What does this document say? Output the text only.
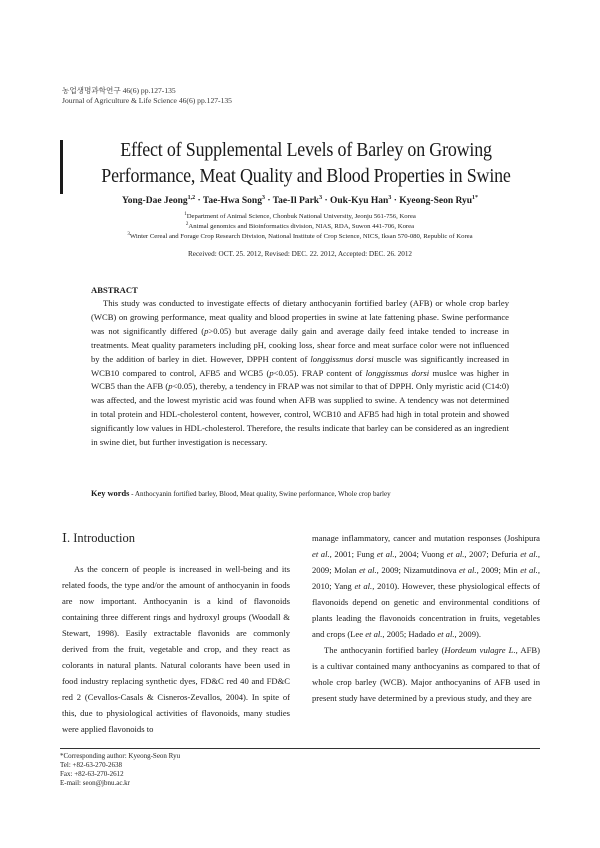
농업생명과학연구 46(6) pp.127-135
Journal of Agriculture & Life Science 46(6) pp.127-135
Effect of Supplemental Levels of Barley on Growing
Performance, Meat Quality and Blood Properties in Swine
Yong-Dae Jeong$^{1,2}$ · Tae-Hwa Song$^3$ · Tae-Il Park$^3$ · Ouk-Kyu Han$^3$ · Kyeong-Seon Ryu$^{1*}$
$^1$Department of Animal Science, Chonbuk National University, Jeonju 561-756, Korea
$^2$Animal genomics and Bioinformatics division, NIAS, RDA, Suwon 441-706, Korea
$^3$Winter Cereal and Forage Crop Research Division, National Institute of Crop Science, NICS, Iksan 570-080, Republic of Korea
Received: OCT. 25. 2012, Revised: DEC. 22. 2012, Accepted: DEC. 26. 2012
ABSTRACT
This study was conducted to investigate effects of dietary anthocyanin fortified barley (AFB) or whole crop barley (WCB) on growing performance, meat quality and blood properties in swine at late fattening phase. Swine performance was not significantly differed (p>0.05) but average daily gain and average daily feed intake tended to increase in treatments. Meat quality parameters including pH, cooking loss, shear force and meat surface color were not influenced by the addition of barley in diet. However, DPPH content of longgissmus dorsi muscle was significantly increased in WCB10 compared to control, AFB5 and WCB5 (p<0.05). FRAP content of longgissmus dorsi muslce was higher in WCB5 than the AFB (p<0.05), thereby, a tendency in FRAP was not similar to that of DPPH. Only myristic acid (C14:0) was affected, and the lowest myristic acid was found when AFB was supplied to swine. A tendency was not determined in total protein and HDL-cholesterol content, however, control, WCB10 and AFB5 had high in total protein and showed significantly low values in HDL-cholesterol. Therefore, the results indicate that barley can be considered as an ingredient in swine diet, but further investigation is necessary.
Key words - Anthocyanin fortified barley, Blood, Meat quality, Swine performance, Whole crop barley
Ⅰ. Introduction
As the concern of people is increased in well-being and its related foods, the type and/or the amount of anthocyanin in foods are now important. Anthocyanin is a kind of flavonoids containing three different rings and hydroxyl groups (Woodall & Stewart, 1998). Easily extractable flavonids are commonly derived from the fruit, vegetable and crop, and they react as colorants in natural plants. Natural colorants have been used in food industry replacing synthetic dyes, FD&C red 40 and FD&C red 2 (Cevallos-Casals & Cisneros-Zevallos, 2004). In spite of this, due to physiological activities of flavonoids, many studies were applied flavonoids to

manage inflammatory, cancer and mutation responses (Joshipura et al., 2001; Fung et al., 2004; Vuong et al., 2007; Defuria et al., 2009; Molan et al., 2009; Nizamutdinova et al., 2009; Min et al., 2010; Yang et al., 2010). However, these physiological effects of flavonoids depend on genetic and environmental conditions of plants leading the flavonoids concentration in fruits, vegetables and crops (Lee et al., 2005; Hadado et al., 2009).

The anthocyanin fortified barley (Hordeum vulagre L., AFB) is a cultivar contained many anthocyanins as compared to that of whole crop barley (WCB). Major anthocyanins of AFB used in present study have determined by a previous study, and they are

*Corresponding author: Kyeong-Seon Ryu
Tel: +82-63-270-2638
Fax: +82-63-270-2612
E-mail: seon@jbnu.ac.kr
